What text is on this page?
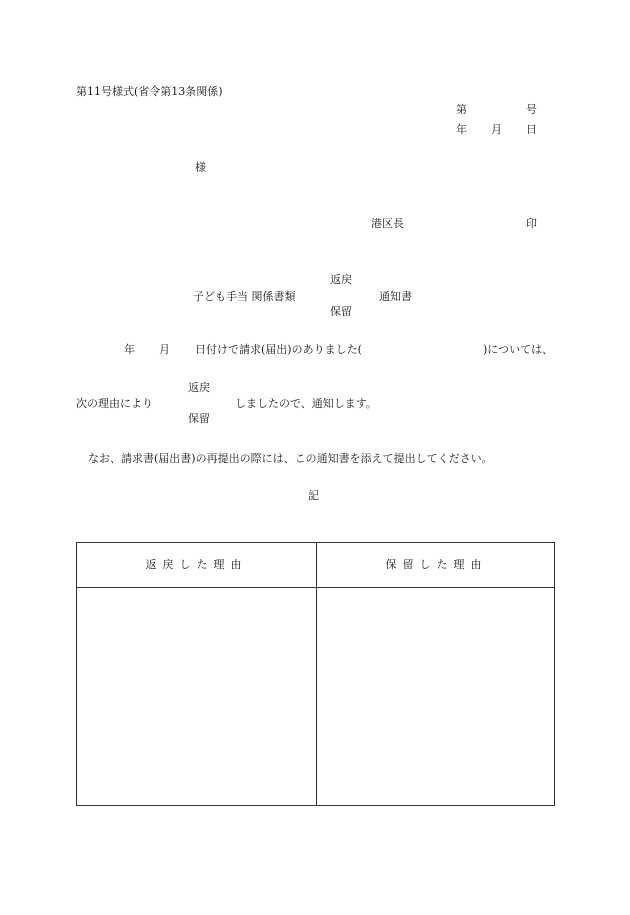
第11号様式(省令第13条関係)
第	号
年 月 日
様
港区長	印
返戻
子ども手当 関係書類	通知書
保留
年 月 日付けで請求(届出)のありました(	)については、
返戻
次の理由により	しましたので、通知します。
保留
なお、請求書(届出書)の再提出の際には、この通知書を添えて提出してください。
記
返戻した理由	保留した理由
